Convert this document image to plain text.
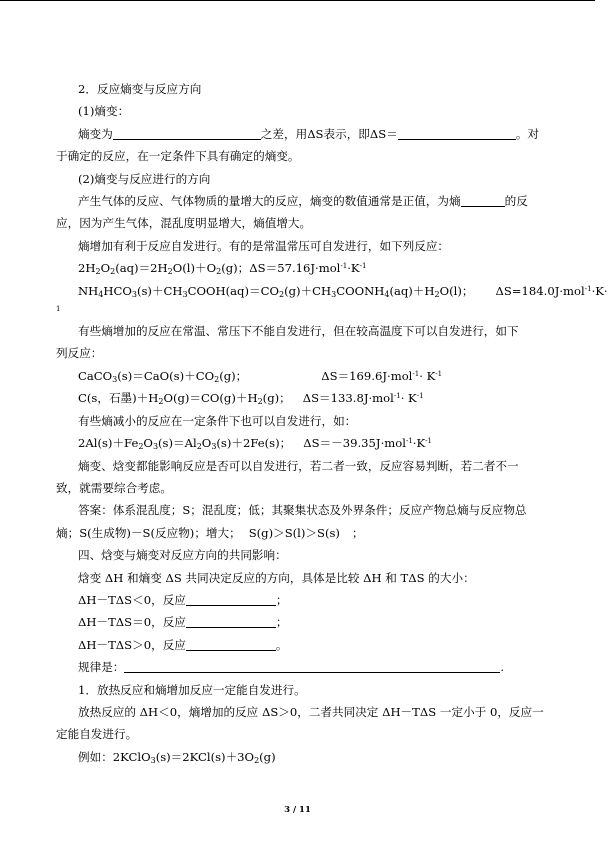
2．反应熵变与反应方向
(1)熵变：
熵变为	之差，用ΔS表示，即ΔS＝	。对
于确定的反应，在一定条件下具有确定的熵变。
(2)熵变与反应进行的方向
产生气体的反应、气体物质的量增大的反应，熵变的数值通常是正值，为熵	的反
应，因为产生气体，混乱度明显增大，熵值增大。
熵增加有利于反应自发进行。有的是常温常压可自发进行，如下列反应：
$2H_2O_2(aq)=2H_2O(l)+O_2(g)$；$\Delta S=57.16J\cdot mol^{-1}\cdot K^{-1}$
$NH_4HCO_3(s)+CH_3COOH(aq)=CO_2(g)+CH_3COONH_4(aq)+H_2O(l)$； ΔS=184.0J·mol$^{-1}$·K·
1
有些熵增加的反应在常温、常压下不能自发进行，但在较高温度下可以自发进行，如下
列反应：
$CaCO_3(s)=CaO(s)+CO_2(g)$；	$\Delta S=169.6J\cdot mol^{-1}\cdot K^{-1}$
C(s，石墨)$+H_2O(g)=CO(g)+H_2(g)$； $\Delta S=133.8J\cdot mol^{-1}\cdot K^{-1}$
有些熵减小的反应在一定条件下也可以自发进行，如：
$2Al(s)+Fe_2O_3(s)=Al_2O_3(s)+2Fe(s)$； $\Delta S=-39.35J\cdot mol^{-1}\cdot K^{-1}$
熵变、焓变都能影响反应是否可以自发进行，若二者一致，反应容易判断，若二者不一
致，就需要综合考虑。
答案：体系混乱度；S；混乱度；低；其聚集状态及外界条件；反应产物总熵与反应物总
熵；S(生成物)－S(反应物)；增大； S(g)＞S(l)＞S(s) ；
四、焓变与熵变对反应方向的共同影响：
焓变 ΔH 和熵变 ΔS 共同决定反应的方向，具体是比较 ΔH 和 TΔS 的大小：
ΔH－TΔS＜0，反应	；
ΔH－TΔS＝0，反应	；
ΔH－TΔS＞0，反应	。
规律是：	.
1．放热反应和熵增加反应一定能自发进行。
放热反应的 ΔH＜0，熵增加的反应 ΔS＞0，二者共同决定 ΔH－TΔS 一定小于 0，反应一
定能自发进行。
例如：$2KClO_3(s)=2KCl(s)+3O_2(g)$
3 / 11
